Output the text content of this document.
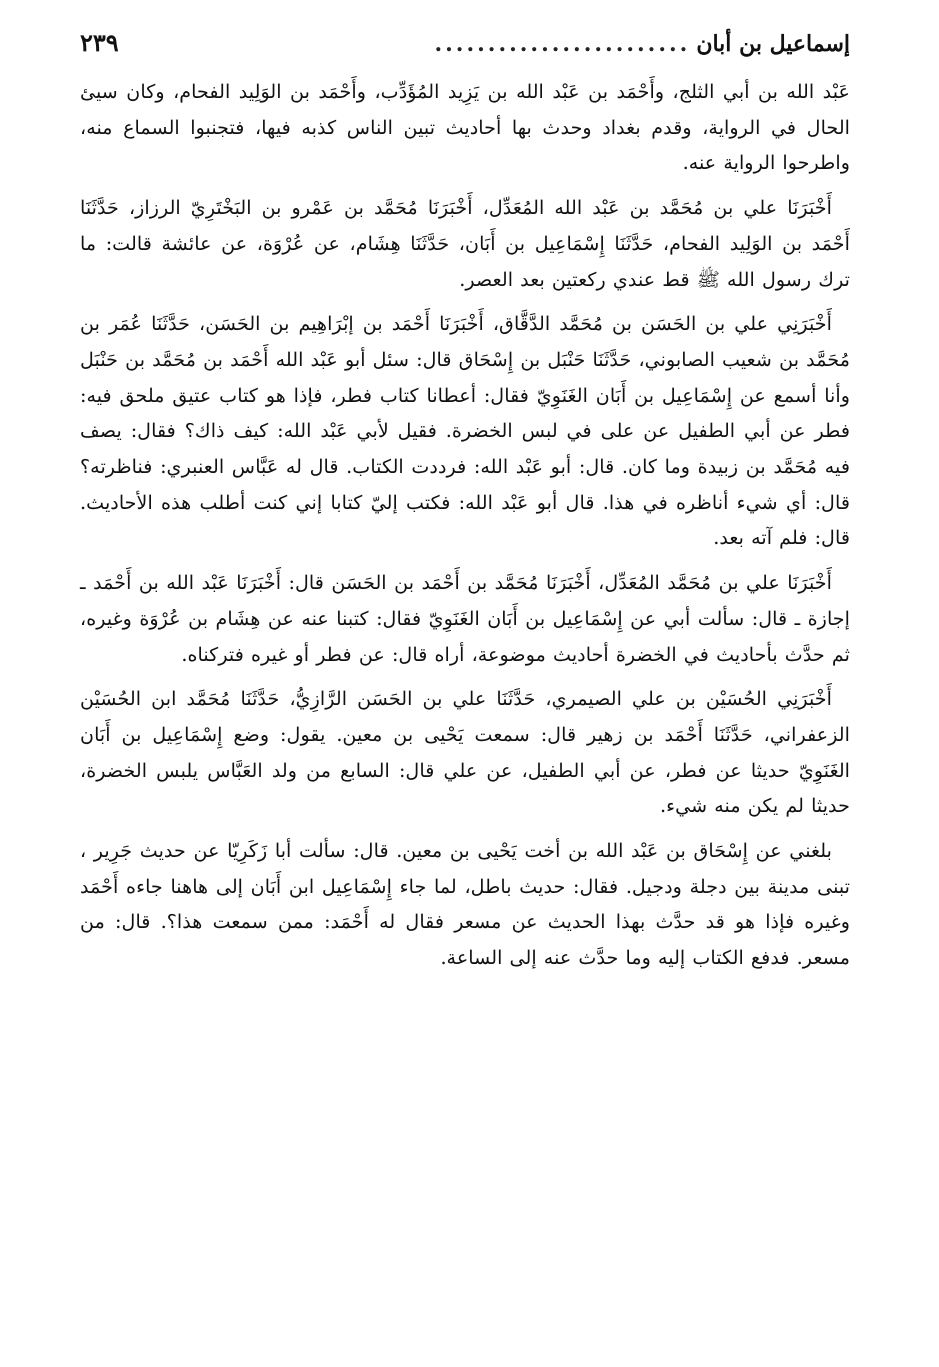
إسماعيل بن أبان
........................
٢٣٩

عَبْد الله بن أبي الثلج، وأَحْمَد بن عَبْد الله بن يَزِيد المُؤَدِّب، وأَحْمَد بن الوَلِيد الفحام، وكان سيئ الحال في الرواية، وقدم بغداد وحدث بها أحاديث تبين الناس كذبه فيها، فتجنبوا السماع منه، واطرحوا الرواية عنه.

أَخْبَرَنَا علي بن مُحَمَّد بن عَبْد الله المُعَدِّل، أَخْبَرَنَا مُحَمَّد بن عَمْرو بن البَخْتَرِيّ الرزاز، حَدَّثَنَا أَحْمَد بن الوَلِيد الفحام، حَدَّثَنَا إِسْمَاعِيل بن أَبَان، حَدَّثَنَا هِشَام، عن عُرْوَة، عن عائشة قالت: ما ترك رسول الله ﷺ قط عندي ركعتين بعد العصر.

أَخْبَرَنِي علي بن الحَسَن بن مُحَمَّد الدَّقَّاق، أَخْبَرَنَا أَحْمَد بن إبْرَاهِيم بن الحَسَن، حَدَّثَنَا عُمَر بن مُحَمَّد بن شعيب الصابوني، حَدَّثَنَا حَنْبَل بن إِسْحَاق قال: سئل أبو عَبْد الله أَحْمَد بن مُحَمَّد بن حَنْبَل وأنا أسمع عن إِسْمَاعِيل بن أَبَان الغَنَوِيّ فقال: أعطانا كتاب فطر، فإذا هو كتاب عتيق ملحق فيه: فطر عن أبي الطفيل عن على في لبس الخضرة. فقيل لأبي عَبْد الله: كيف ذاك؟ فقال: يصف فيه مُحَمَّد بن زبيدة وما كان. قال: أبو عَبْد الله: فرددت الكتاب. قال له عَبَّاس العنبري: فناظرته؟ قال: أي شيء أناظره في هذا. قال أبو عَبْد الله: فكتب إليّ كتابا إني كنت أطلب هذه الأحاديث. قال: فلم آته بعد.

أَخْبَرَنَا علي بن مُحَمَّد المُعَدِّل، أَخْبَرَنَا مُحَمَّد بن أَحْمَد بن الحَسَن قال: أَخْبَرَنَا عَبْد الله بن أَحْمَد ـ إجازة ـ قال: سألت أبي عن إِسْمَاعِيل بن أَبَان الغَنَوِيّ فقال: كتبنا عنه عن هِشَام بن عُرْوَة وغيره، ثم حدَّث بأحاديث في الخضرة أحاديث موضوعة، أراه قال: عن فطر أو غيره فتركناه.

أَخْبَرَنِي الحُسَيْن بن علي الصيمري، حَدَّثَنَا علي بن الحَسَن الرَّازِيُّ، حَدَّثَنَا مُحَمَّد ابن الحُسَيْن الزعفراني، حَدَّثَنَا أَحْمَد بن زهير قال: سمعت يَحْيى بن معين. يقول: وضع إِسْمَاعِيل بن أَبَان الغَنَوِيّ حديثا عن فطر، عن أبي الطفيل، عن علي قال: السابع من ولد العَبَّاس يلبس الخضرة، حديثا لم يكن منه شيء.

بلغني عن إِسْحَاق بن عَبْد الله بن أخت يَحْيى بن معين. قال: سألت أبا زَكَرِيّا عن حديث جَرِير ، تبنى مدينة بين دجلة ودجيل. فقال: حديث باطل، لما جاء إِسْمَاعِيل ابن أَبَان إلى هاهنا جاءه أَحْمَد وغيره فإذا هو قد حدَّث بهذا الحديث عن مسعر فقال له أَحْمَد: ممن سمعت هذا؟. قال: من مسعر. فدفع الكتاب إليه وما حدَّث عنه إلى الساعة.
